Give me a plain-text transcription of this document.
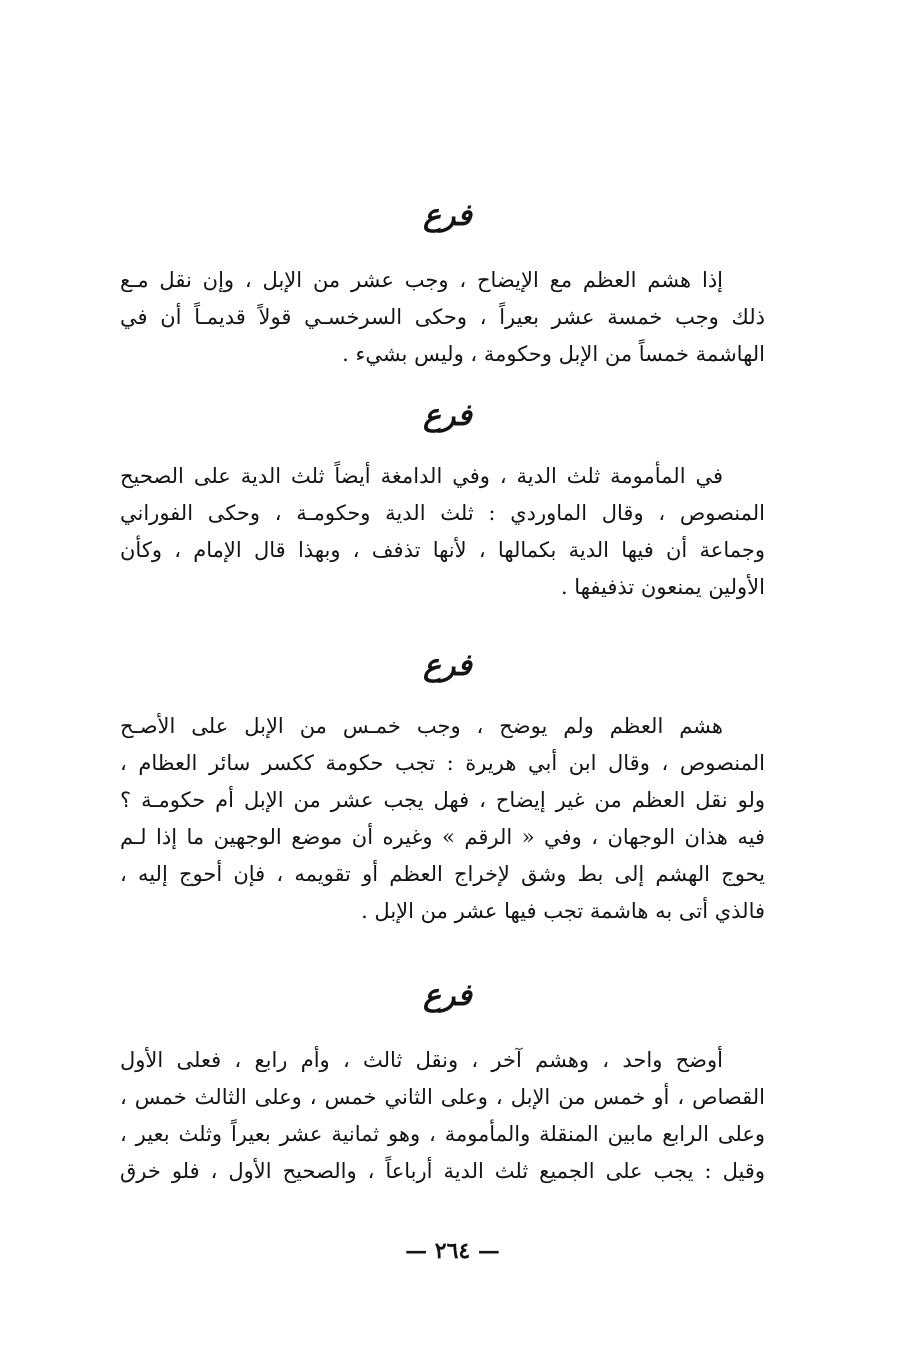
فرع
إذا هشم العظم مع الإيضاح ، وجب عشر من الإبل ، وإن نقل مـع
ذلك وجب خمسة عشر بعيراً ، وحكى السرخسـي قولاً قديمـاً أن في
الهاشمة خمساً من الإبل وحكومة ، وليس بشيء .
فرع
في المأمومة ثلث الدية ، وفي الدامغة أيضاً ثلث الدية على الصحيح
المنصوص ، وقال الماوردي : ثلث الدية وحكومـة ، وحكى الفوراني
وجماعة أن فيها الدية بكمالها ، لأنها تذفف ، وبهذا قال الإمام ، وكأن
الأولين يمنعون تذفيفها .
فرع
هشم العظم ولم يوضح ، وجب خمـس من الإبل على الأصـح
المنصوص ، وقال ابن أبي هريرة : تجب حكومة ككسر سائر العظام ،
ولو نقل العظم من غير إيضاح ، فهل يجب عشر من الإبل أم حكومـة ؟
فيه هذان الوجهان ، وفي « الرقم » وغيره أن موضع الوجهين ما إذا لـم
يحوج الهشم إلى بط وشق لإخراج العظم أو تقويمه ، فإن أحوج إليه ،
فالذي أتى به هاشمة تجب فيها عشر من الإبل .
فرع
أوضح واحد ، وهشم آخر ، ونقل ثالث ، وأم رابع ، فعلى الأول
القصاص ، أو خمس من الإبل ، وعلى الثاني خمس ، وعلى الثالث خمس ،
وعلى الرابع مابين المنقلة والمأمومة ، وهو ثمانية عشر بعيراً وثلث بعير ،
وقيل : يجب على الجميع ثلث الدية أرباعاً ، والصحيح الأول ، فلو خرق
— ٢٦٤ —
